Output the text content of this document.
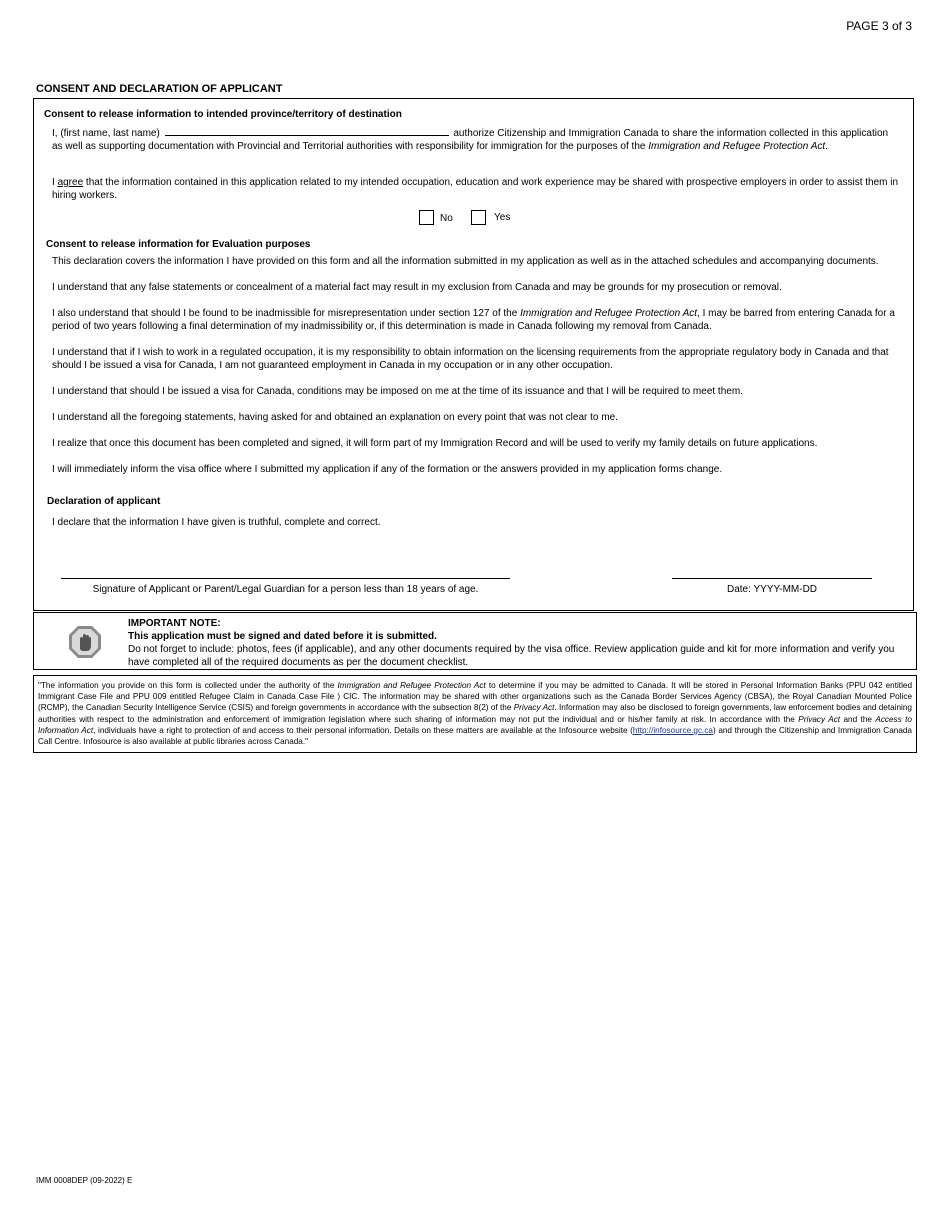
PAGE 3 of 3
CONSENT AND DECLARATION OF APPLICANT
Consent to release information to intended province/territory of destination
I, (first name, last name)	authorize Citizenship and Immigration Canada to share the information collected in this application
as well as supporting documentation with Provincial and Territorial authorities with responsibility for immigration for the purposes of the Immigration and Refugee Protection Act.
I agree that the information contained in this application related to my intended occupation, education and work experience may be shared with prospective employers in order to assist them in hiring workers.
No	Yes
Consent to release information for Evaluation purposes
This declaration covers the information I have provided on this form and all the information submitted in my application as well as in the attached schedules and accompanying documents.
I understand that any false statements or concealment of a material fact may result in my exclusion from Canada and may be grounds for my prosecution or removal.
I also understand that should I be found to be inadmissible for misrepresentation under section 127 of the Immigration and Refugee Protection Act, I may be barred from entering Canada for a period of two years following a final determination of my inadmissibility or, if this determination is made in Canada following my removal from Canada.
I understand that if I wish to work in a regulated occupation, it is my responsibility to obtain information on the licensing requirements from the appropriate regulatory body in Canada and that should I be issued a visa for Canada, I am not guaranteed employment in Canada in my occupation or in any other occupation.
I understand that should I be issued a visa for Canada, conditions may be imposed on me at the time of its issuance and that I will be required to meet them.
I understand all the foregoing statements, having asked for and obtained an explanation on every point that was not clear to me.
I realize that once this document has been completed and signed, it will form part of my Immigration Record and will be used to verify my family details on future applications.
I will immediately inform the visa office where I submitted my application if any of the formation or the answers provided in my application forms change.
Declaration of applicant
I declare that the information I have given is truthful, complete and correct.
Signature of Applicant or Parent/Legal Guardian for a person less than 18 years of age.	Date: YYYY-MM-DD
IMPORTANT NOTE:
This application must be signed and dated before it is submitted.
Do not forget to include: photos, fees (if applicable), and any other documents required by the visa office. Review application guide and kit for more information and verify you have completed all of the required documents as per the document checklist.
"The information you provide on this form is collected under the authority of the Immigration and Refugee Protection Act to determine if you may be admitted to Canada. It will be stored in Personal Information Banks (PPU 042 entitled Immigrant Case File and PPU 009 entitled Refugee Claim in Canada Case File ) CIC. The information may be shared with other organizations such as the Canada Border Services Agency (CBSA), the Royal Canadian Mounted Police (RCMP), the Canadian Security Intelligence Service (CSIS) and foreign governments in accordance with the subsection 8(2) of the Privacy Act. Information may also be disclosed to foreign governments, law enforcement bodies and detaining authorities with respect to the administration and enforcement of immigration legislation where such sharing of information may not put the individual and or his/her family at risk. In accordance with the Privacy Act and the Access to Information Act, individuals have a right to protection of and access to their personal information. Details on these matters are available at the Infosource website (http://infosource.gc.ca) and through the Citizenship and Immigration Canada Call Centre. Infosource is also available at public libraries across Canada."
IMM 0008DEP (09-2022) E
